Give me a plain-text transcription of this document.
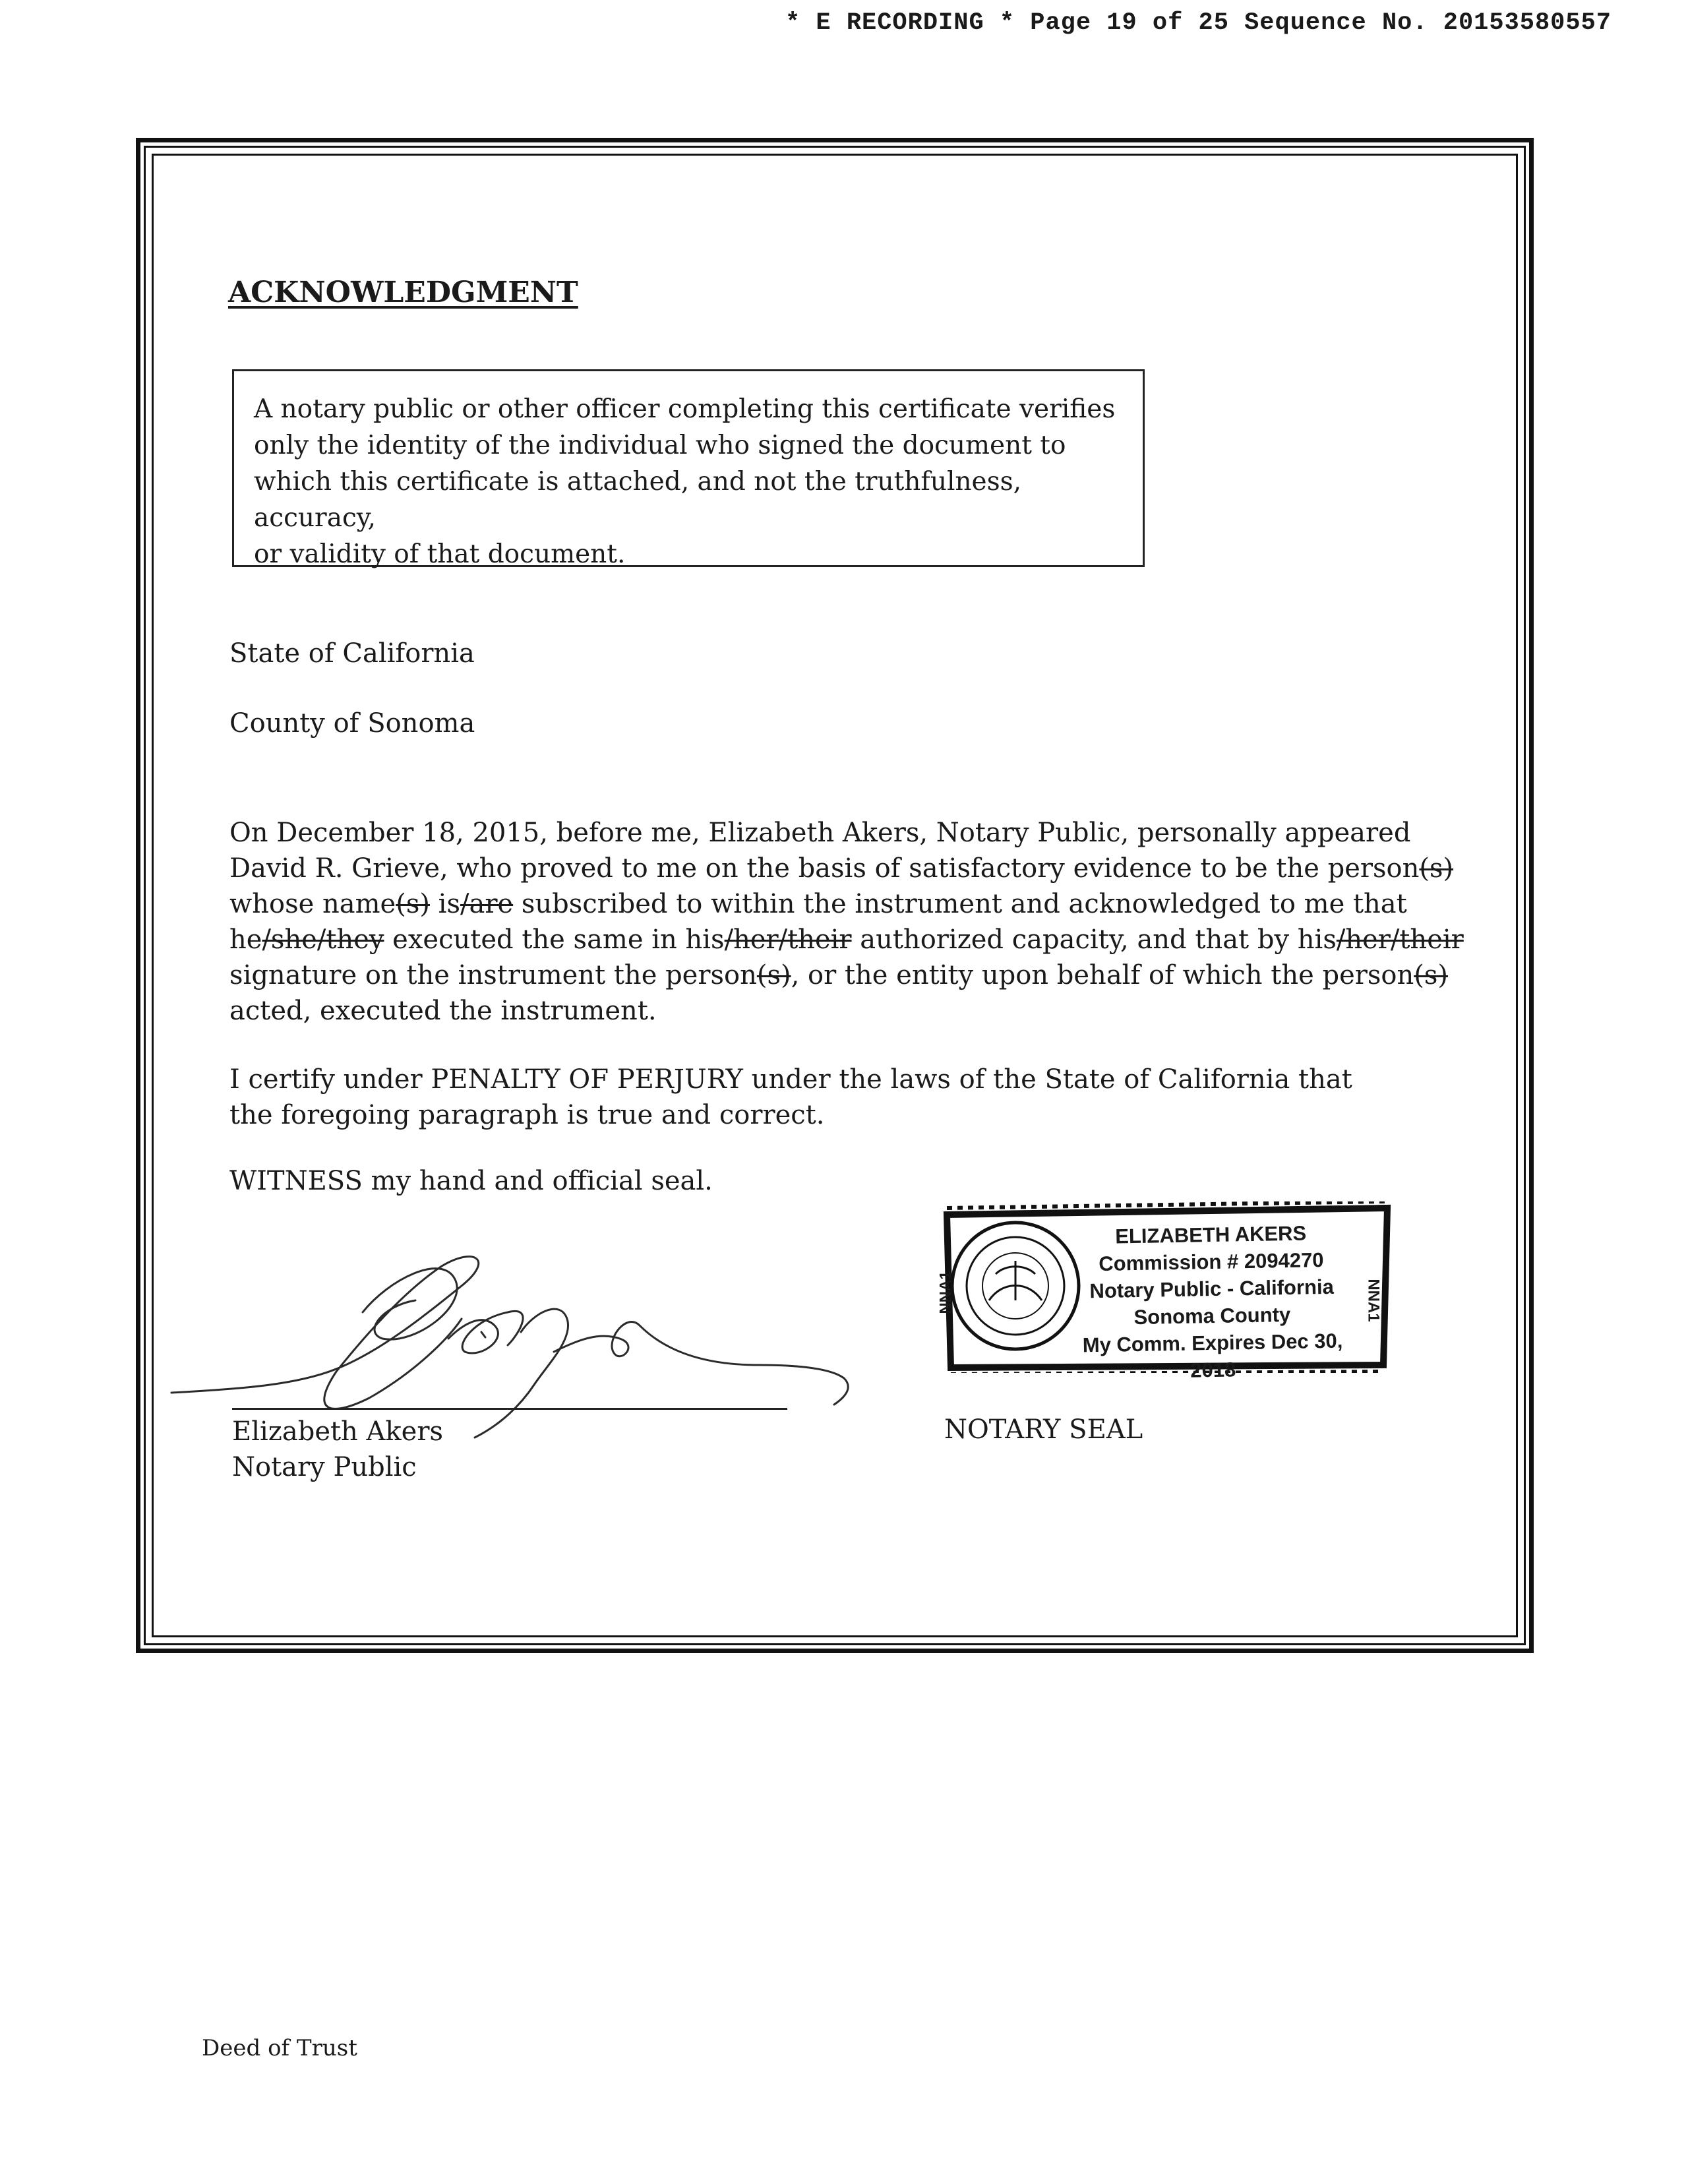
* E RECORDING * Page 19 of 25 Sequence No. 20153580557
ACKNOWLEDGMENT

A notary public or other officer completing this certificate verifies
only the identity of the individual who signed the document to
which this certificate is attached, and not the truthfulness, accuracy,
or validity of that document.

State of California
County of Sonoma

On December 18, 2015, before me, Elizabeth Akers, Notary Public, personally appeared David R. Grieve, who proved to me on the basis of satisfactory evidence to be the person(s) whose name(s) is/are subscribed to within the instrument and acknowledged to me that he/she/they executed the same in his/her/their authorized capacity, and that by his/her/their signature on the instrument the person(s), or the entity upon behalf of which the person(s) acted, executed the instrument.

I certify under PENALTY OF PERJURY under the laws of the State of California that the foregoing paragraph is true and correct.

WITNESS my hand and official seal.
Elizabeth Akers
Notary Public
ELIZABETH AKERS
Commission # 2094270
Notary Public - California
Sonoma County
My Comm. Expires Dec 30, 2018
NNA1	NNA1
NOTARY SEAL
Deed of Trust
